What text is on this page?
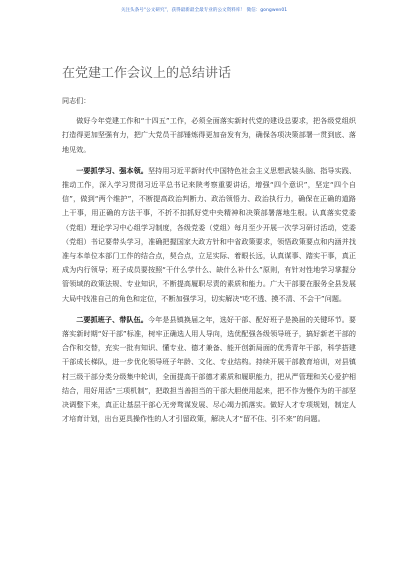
关注头条号“公文研究”，获得最新最全最专业的公文资料库！ 微信：gongwen01
在党建工作会议上的总结讲话

同志们：

做好今年党建工作和“十四五”工作，必须全面落实新时代党的建设总要求，把各级党组织打造得更加坚强有力，把广大党员干部锤炼得更加奋发有为，确保各项决策部署一贯到底、落地见效。

一要抓学习、强本领。坚持用习近平新时代中国特色社会主义思想武装头脑、指导实践、推动工作，深入学习贯彻习近平总书记来陕考察重要讲话，增强“四个意识”，坚定“四个自信”，做到“两个维护”，不断提高政治判断力、政治领悟力、政治执行力，确保在正确的道路上干事，用正确的方法干事，不折不扣抓好党中央精神和决策部署落地生根。认真落实党委（党组）理论学习中心组学习制度，各级党委（党组）每月至少开展一次学习研讨活动，党委（党组）书记要带头学习，准确把握国家大政方针和中省政策要求，领悟政策要点和内涵并找准与本单位本部门工作的结合点，契合点，立足实际、着眼长远，认真谋事、踏实干事，真正成为内行领导；班子成员要按照“干什么学什么、缺什么补什么”原则，有针对性地学习掌握分管领域的政策法规、专业知识，不断提高履职尽责的素质和能力。广大干部要在服务全县发展大局中找准自己的角色和定位，不断加强学习，切实解决“吃不透、摸不清、不会干”问题。

二要抓班子、带队伍。今年是县镇换届之年，选好干部、配好班子是换届的关键环节。要落实新时期“好干部”标准，树牢正确选人用人导向，选优配强各级领导班子，搞好新老干部的合作和交替，充实一批有知识、懂专业、德才兼备、能开创新局面的优秀青年干部，科学搭建干部成长梯队，进一步优化领导班子年龄、文化、专业结构。持续开展干部教育培训，对县镇村三级干部分类分级集中轮训，全面提高干部德才素质和履职能力，把从严管理和关心爱护相结合，用好用活“三项机制”，把敢担当善担当的干部大胆使用起来，把不作为慢作为的干部坚决调整下来，真正让基层干部心无旁骛谋发展、尽心竭力抓落实。做好人才专项规划，制定人才培育计划，出台更具操作性的人才引留政策，解决人才“留不住、引不来”的问题。
